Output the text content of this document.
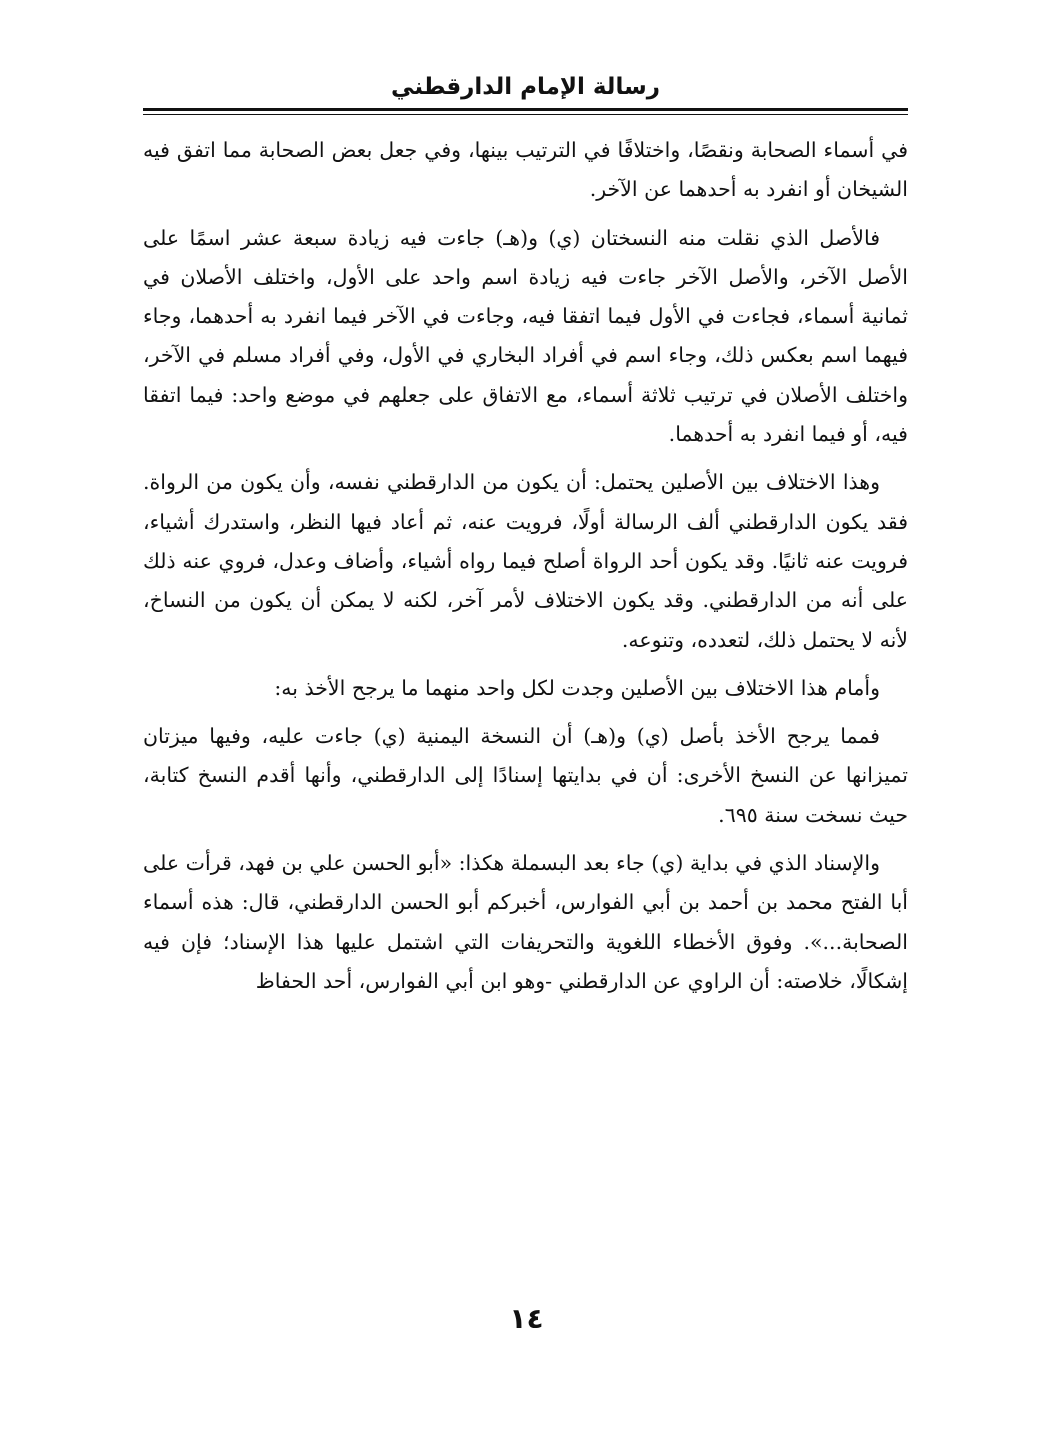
رسالة الإمام الدارقطني

في أسماء الصحابة ونقصًا، واختلافًا في الترتيب بينها، وفي جعل بعض الصحابة مما اتفق فيه الشيخان أو انفرد به أحدهما عن الآخر.

فالأصل الذي نقلت منه النسختان (ي) و(هـ) جاءت فيه زيادة سبعة عشر اسمًا على الأصل الآخر، والأصل الآخر جاءت فيه زيادة اسم واحد على الأول، واختلف الأصلان في ثمانية أسماء، فجاءت في الأول فيما اتفقا فيه، وجاءت في الآخر فيما انفرد به أحدهما، وجاء فيهما اسم بعكس ذلك، وجاء اسم في أفراد البخاري في الأول، وفي أفراد مسلم في الآخر، واختلف الأصلان في ترتيب ثلاثة أسماء، مع الاتفاق على جعلهم في موضع واحد: فيما اتفقا فيه، أو فيما انفرد به أحدهما.

وهذا الاختلاف بين الأصلين يحتمل: أن يكون من الدارقطني نفسه، وأن يكون من الرواة. فقد يكون الدارقطني ألف الرسالة أولًا، فرويت عنه، ثم أعاد فيها النظر، واستدرك أشياء، فرويت عنه ثانيًا. وقد يكون أحد الرواة أصلح فيما رواه أشياء، وأضاف وعدل، فروي عنه ذلك على أنه من الدارقطني. وقد يكون الاختلاف لأمر آخر، لكنه لا يمكن أن يكون من النساخ، لأنه لا يحتمل ذلك، لتعدده، وتنوعه.

وأمام هذا الاختلاف بين الأصلين وجدت لكل واحد منهما ما يرجح الأخذ به:

فمما يرجح الأخذ بأصل (ي) و(هـ) أن النسخة اليمنية (ي) جاءت عليه، وفيها ميزتان تميزانها عن النسخ الأخرى: أن في بدايتها إسنادًا إلى الدارقطني، وأنها أقدم النسخ كتابة، حيث نسخت سنة ٦٩٥.

والإسناد الذي في بداية (ي) جاء بعد البسملة هكذا: «أبو الحسن علي بن فهد، قرأت على أبا الفتح محمد بن أحمد بن أبي الفوارس، أخبركم أبو الحسن الدارقطني، قال: هذه أسماء الصحابة...». وفوق الأخطاء اللغوية والتحريفات التي اشتمل عليها هذا الإسناد؛ فإن فيه إشكالًا، خلاصته: أن الراوي عن الدارقطني -وهو ابن أبي الفوارس، أحد الحفاظ

١٤
